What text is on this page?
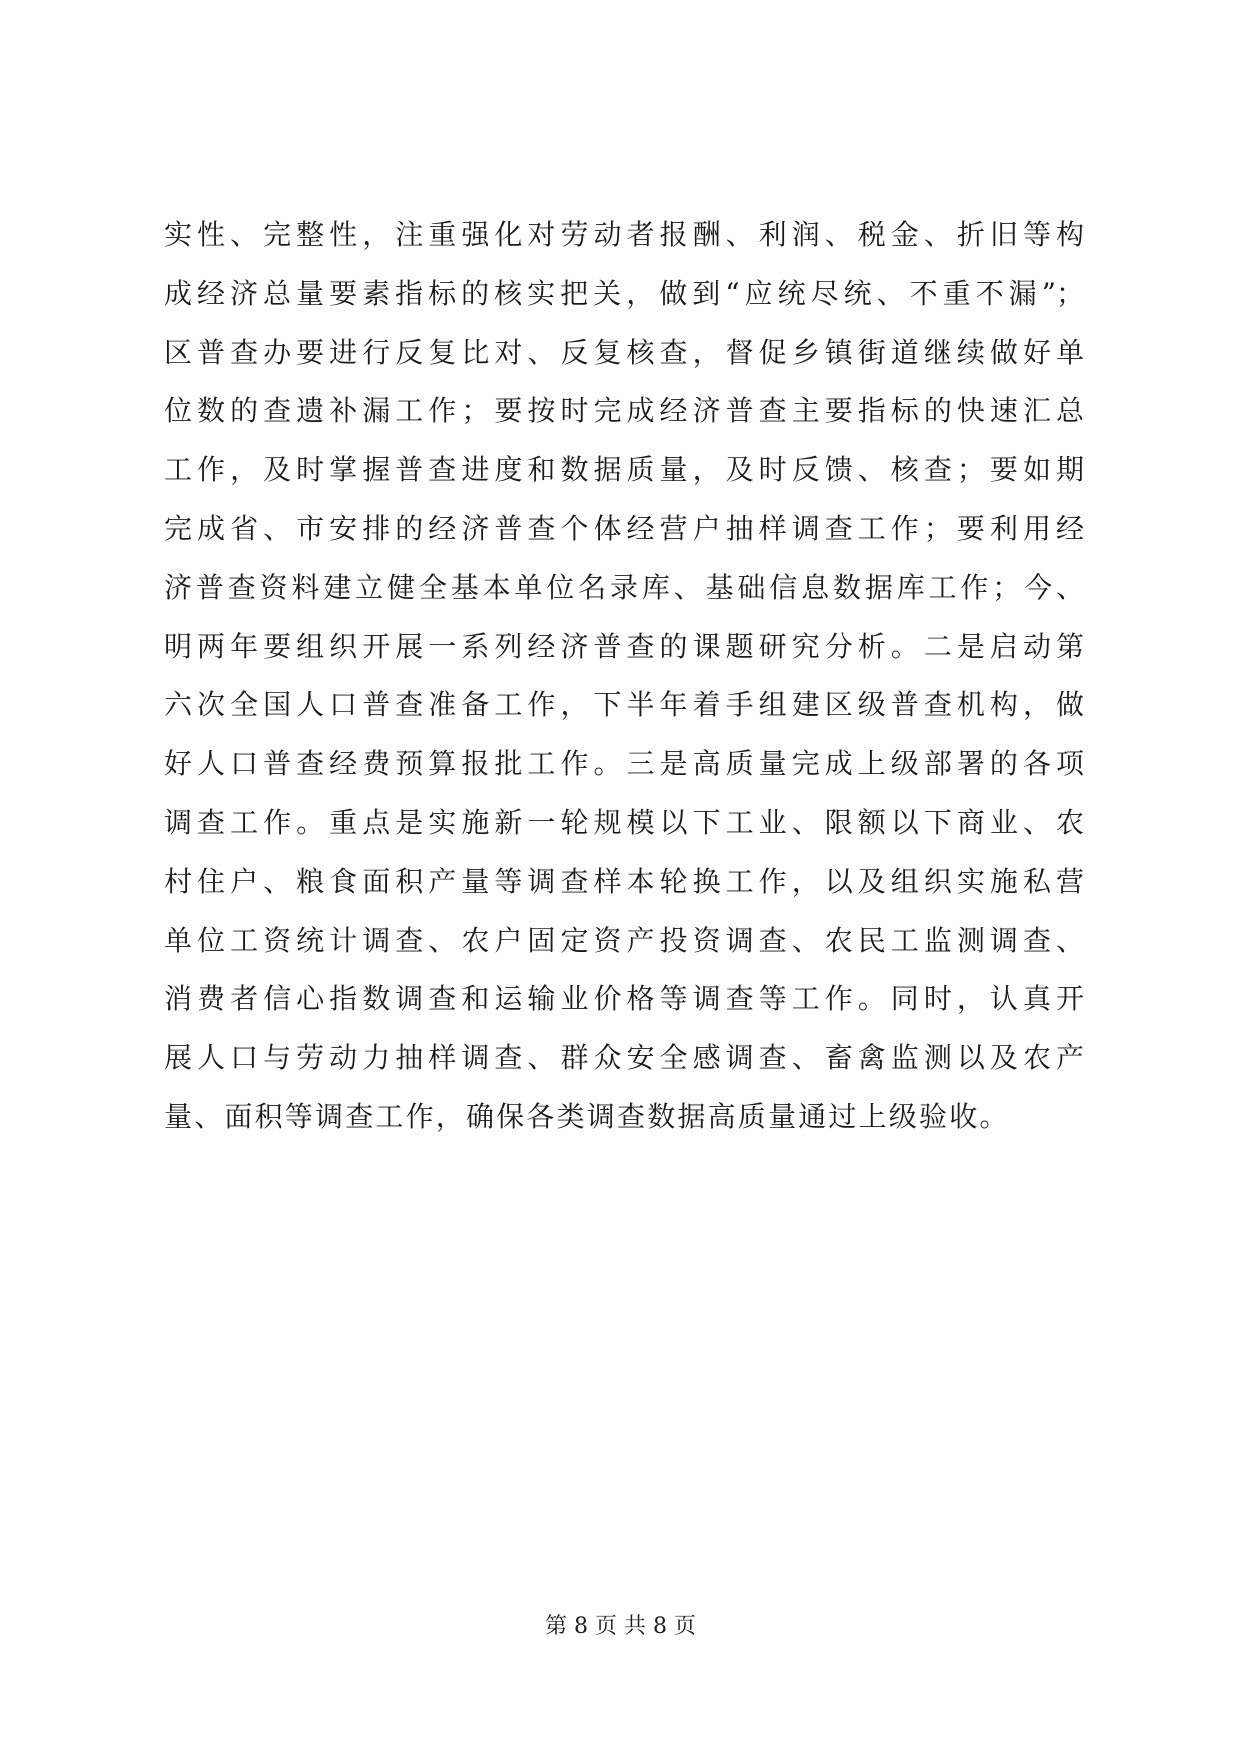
实性、完整性，注重强化对劳动者报酬、利润、税金、折旧等构
成经济总量要素指标的核实把关，做到“应统尽统、不重不漏”；
区普查办要进行反复比对、反复核查，督促乡镇街道继续做好单
位数的查遗补漏工作；要按时完成经济普查主要指标的快速汇总
工作，及时掌握普查进度和数据质量，及时反馈、核查；要如期
完成省、市安排的经济普查个体经营户抽样调查工作；要利用经
济普查资料建立健全基本单位名录库、基础信息数据库工作；今、
明两年要组织开展一系列经济普查的课题研究分析。二是启动第
六次全国人口普查准备工作，下半年着手组建区级普查机构，做
好人口普查经费预算报批工作。三是高质量完成上级部署的各项
调查工作。重点是实施新一轮规模以下工业、限额以下商业、农
村住户、粮食面积产量等调查样本轮换工作，以及组织实施私营
单位工资统计调查、农户固定资产投资调查、农民工监测调查、
消费者信心指数调查和运输业价格等调查等工作。同时，认真开
展人口与劳动力抽样调查、群众安全感调查、畜禽监测以及农产
量、面积等调查工作，确保各类调查数据高质量通过上级验收。
第 8 页 共 8 页
